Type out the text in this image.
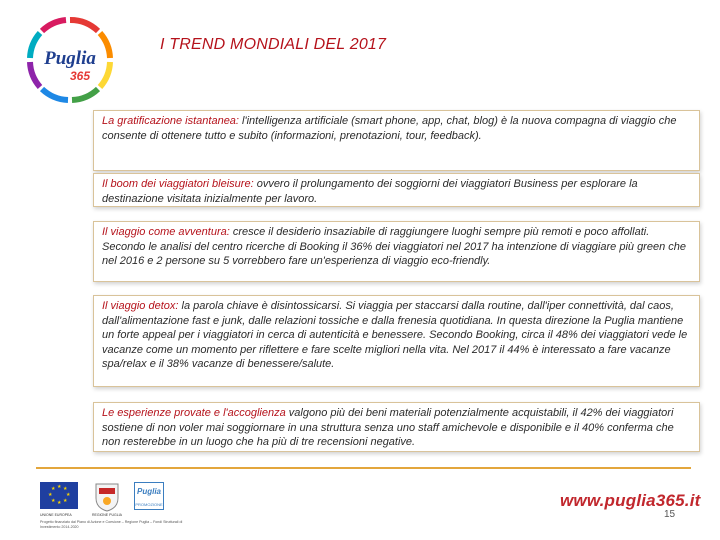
Puglia
365
I TREND MONDIALI DEL 2017
La gratificazione istantanea: l'intelligenza artificiale (smart phone, app, chat, blog) è la nuova compagna di viaggio che consente di ottenere tutto e subito (informazioni, prenotazioni, tour, feedback).
Il boom dei viaggiatori bleisure: ovvero il prolungamento dei soggiorni dei viaggiatori Business per esplorare la destinazione visitata inizialmente per lavoro.
Il viaggio come avventura: cresce il desiderio insaziabile di raggiungere luoghi sempre più remoti e poco affollati. Secondo le analisi del centro ricerche di Booking il 36% dei viaggiatori nel 2017 ha intenzione di viaggiare più green che nel 2016 e 2 persone su 5 vorrebbero fare un'esperienza di viaggio eco-friendly.
Il viaggio detox: la parola chiave è disintossicarsi. Si viaggia per staccarsi dalla routine, dall'iper connettività, dal caos, dall'alimentazione fast e junk, dalle relazioni tossiche e dalla frenesia quotidiana. In questa direzione la Puglia mantiene un forte appeal per i viaggiatori in cerca di autenticità e benessere. Secondo Booking, circa il 48% dei viaggiatori vede le vacanze come un momento per riflettere e fare scelte migliori nella vita. Nel 2017 il 44% è interessato a fare vacanze spa/relax e il 38% vacanze di benessere/salute.
Le esperienze provate e l'accoglienza valgono più dei beni materiali potenzialmente acquistabili, il 42% dei viaggiatori sostiene di non voler mai soggiornare in una struttura senza uno staff amichevole e disponibile e il 40% conferma che non resterebbe in un luogo che ha più di tre recensioni negative.
★ ★
★
★
★
★
★
★
UNIONE EUROPEA	REGIONE PUGLIA
Puglia
PROMOZIONE
Progetto finanziato dal Piano di Azione e Coesione – Regione Puglia – Fondi Strutturali di Investimento 2014-2020
www.puglia365.it
15
